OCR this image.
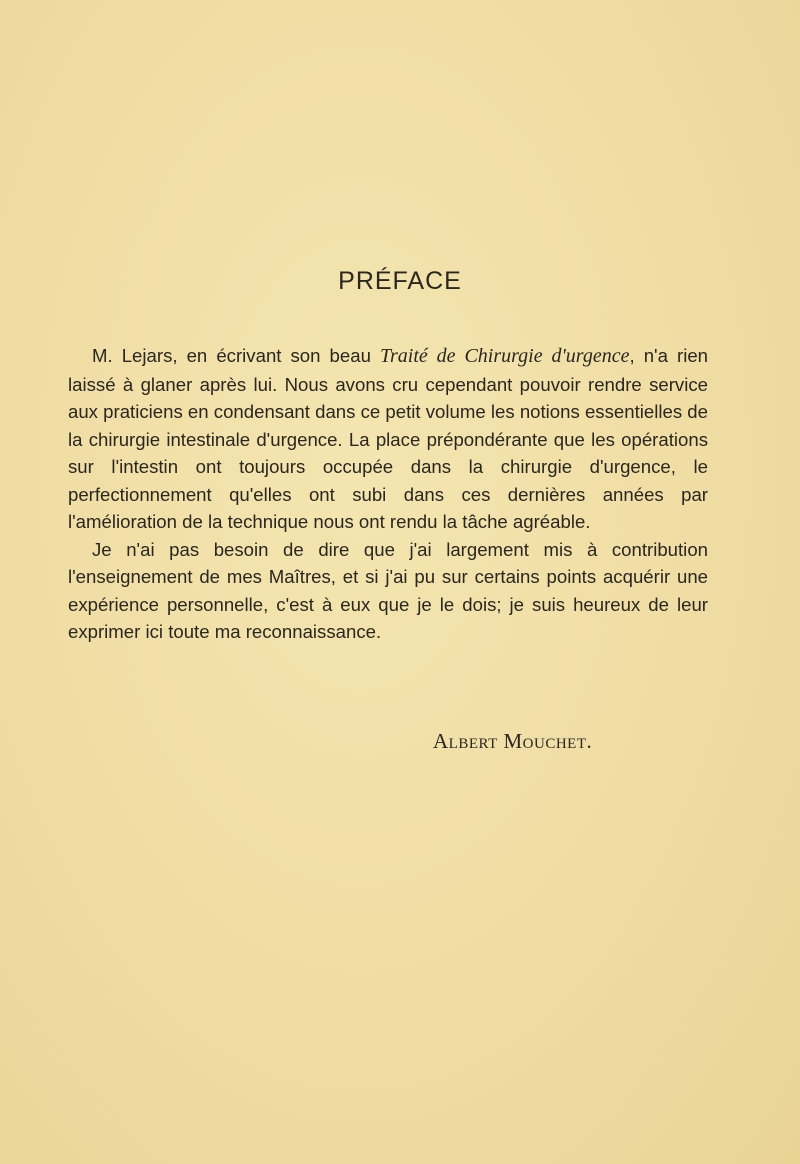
PRÉFACE

M. Lejars, en écrivant son beau Traité de Chirurgie d'urgence, n'a rien laissé à glaner après lui. Nous avons cru cependant pouvoir rendre service aux praticiens en condensant dans ce petit volume les notions essentielles de la chirurgie intestinale d'urgence. La place prépondérante que les opérations sur l'intestin ont toujours occupée dans la chirurgie d'urgence, le perfectionnement qu'elles ont subi dans ces dernières années par l'amélioration de la technique nous ont rendu la tâche agréable.

Je n'ai pas besoin de dire que j'ai largement mis à contribution l'enseignement de mes Maîtres, et si j'ai pu sur certains points acquérir une expérience personnelle, c'est à eux que je le dois; je suis heureux de leur exprimer ici toute ma reconnaissance.

Albert Mouchet.
